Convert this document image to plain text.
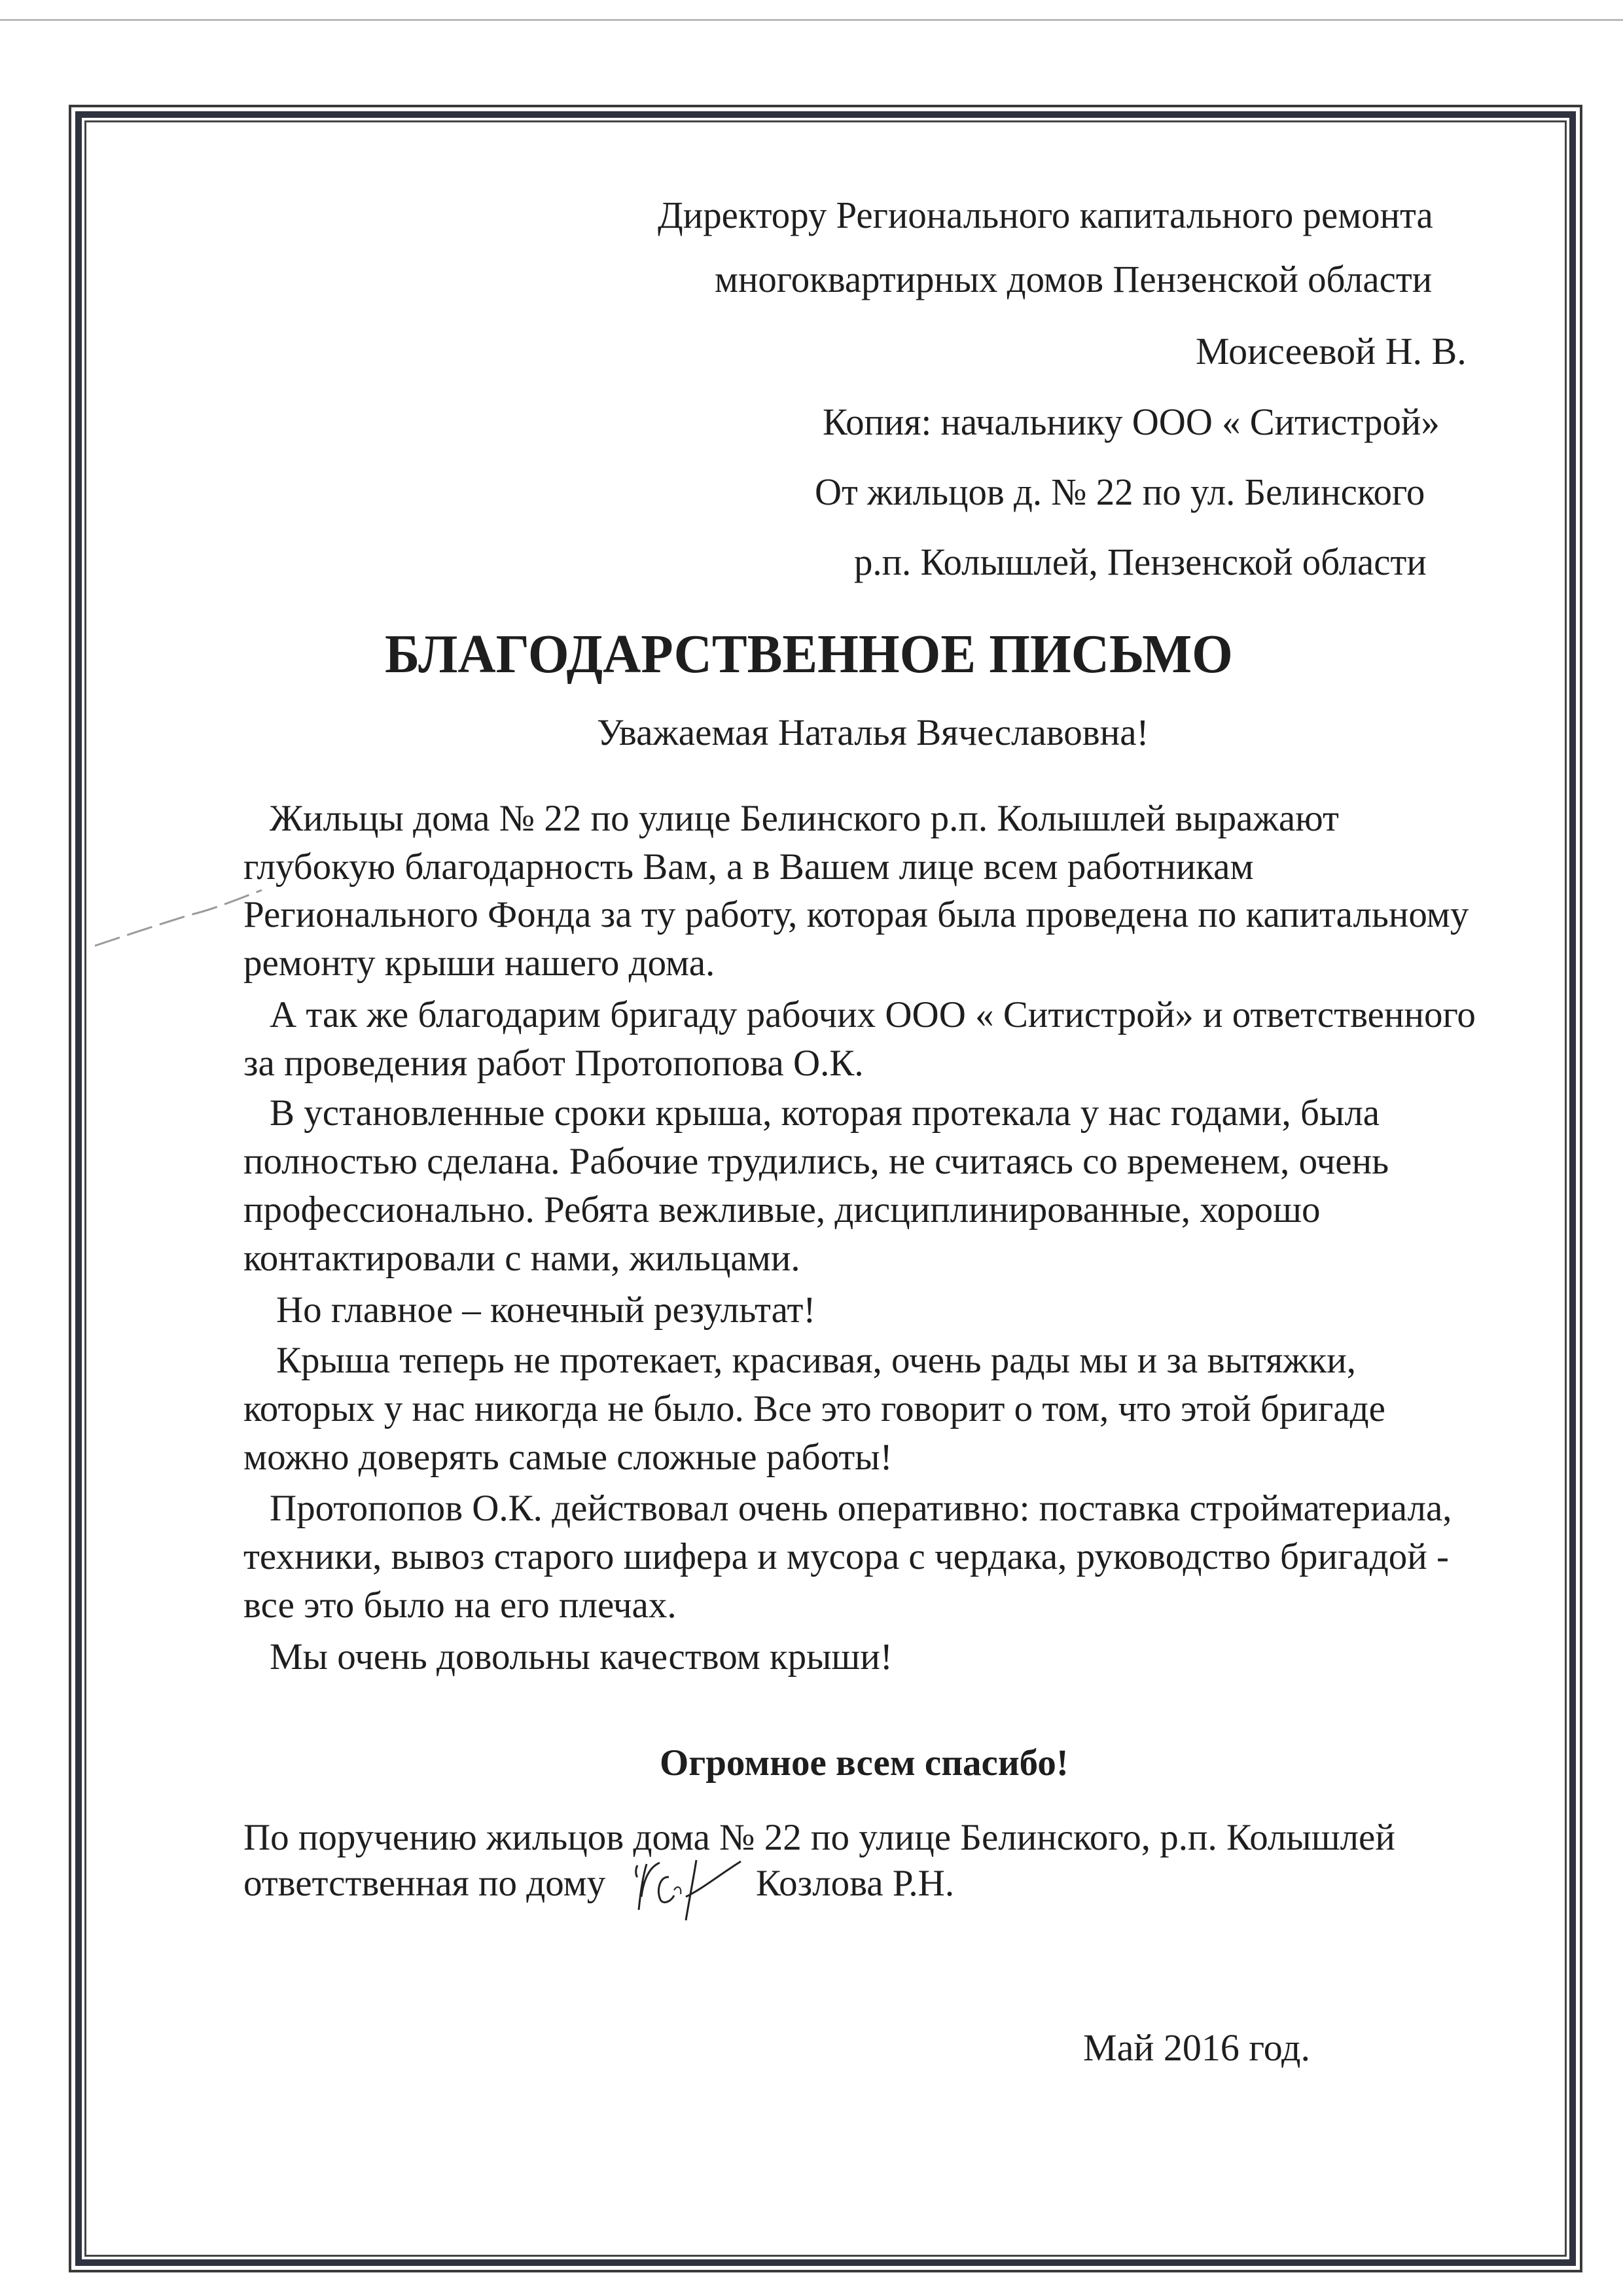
Директору Регионального капитального ремонта
многоквартирных домов Пензенской области
Моисеевой Н. В.
Копия: начальнику ООО « Ситистрой»
От жильцов д. № 22 по ул. Белинского
р.п. Колышлей, Пензенской области
БЛАГОДАРСТВЕННОЕ ПИСЬМО
Уважаемая Наталья Вячеславовна!
Жильцы дома № 22 по улице Белинского р.п. Колышлей выражают
глубокую благодарность Вам, а в Вашем лице всем работникам
Регионального Фонда за ту работу, которая была проведена по капитальному
ремонту крыши нашего дома.
А так же благодарим бригаду рабочих ООО « Ситистрой» и ответственного
за проведения работ Протопопова О.К.
В установленные сроки крыша, которая протекала у нас годами, была
полностью сделана. Рабочие трудились, не считаясь со временем, очень
профессионально. Ребята вежливые, дисциплинированные, хорошо
контактировали с нами, жильцами.
Но главное – конечный результат!
Крыша теперь не протекает, красивая, очень рады мы и за вытяжки,
которых у нас никогда не было. Все это говорит о том, что этой бригаде
можно доверять самые сложные работы!
Протопопов О.К. действовал очень оперативно: поставка стройматериала,
техники, вывоз старого шифера и мусора с чердака, руководство бригадой -
все это было на его плечах.
Мы очень довольны качеством крыши!
Огромное всем спасибо!
По поручению жильцов дома № 22 по улице Белинского, р.п. Колышлей
ответственная по дому	Козлова Р.Н.
Май 2016 год.
